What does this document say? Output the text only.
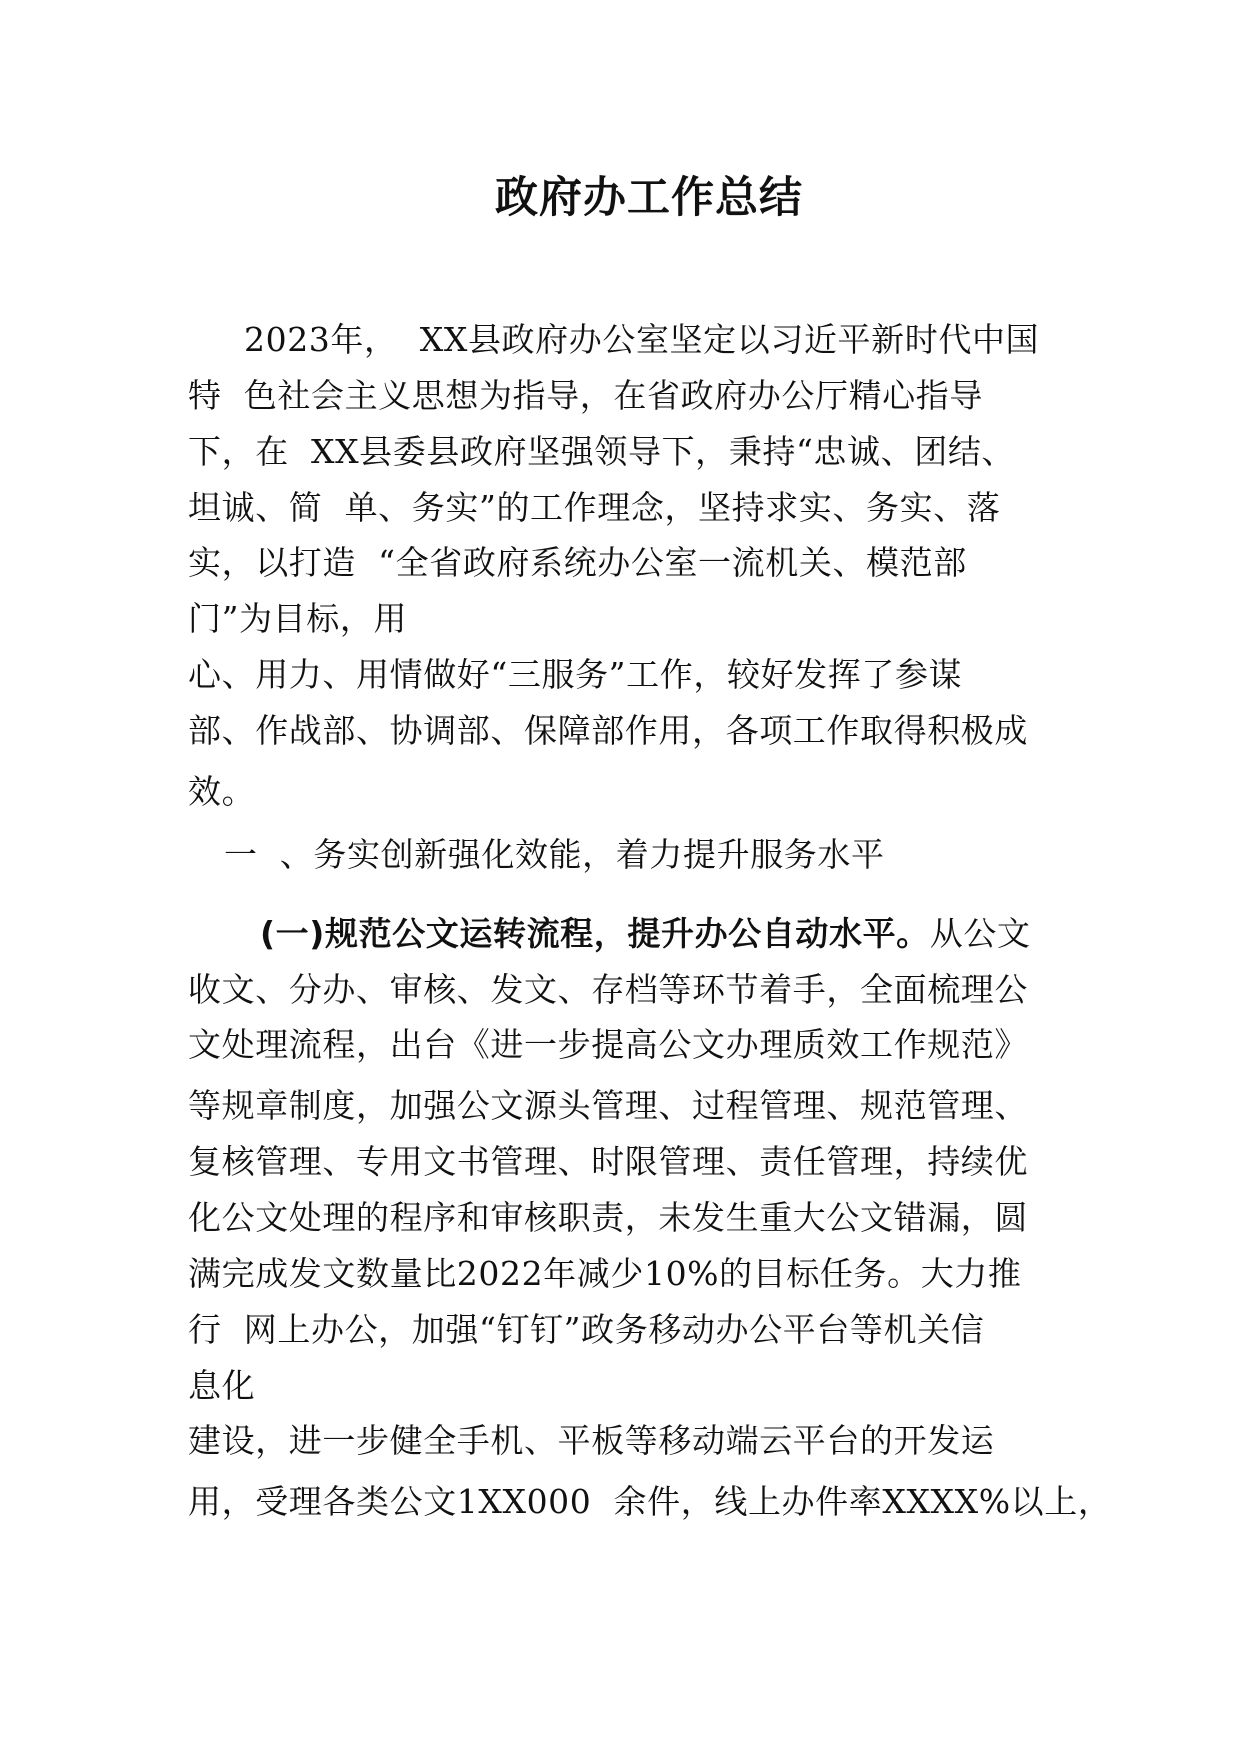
政府办工作总结
2023年，  XX县政府办公室坚定以习近平新时代中国
特  色社会主义思想为指导，在省政府办公厅精心指导
下，在  XX县委县政府坚强领导下，秉持“忠诚、团结、
坦诚、简  单、务实”的工作理念，坚持求实、务实、落
实，以打造  “全省政府系统办公室一流机关、模范部
门”为目标，用
心、用力、用情做好“三服务”工作，较好发挥了参谋
部、作战部、协调部、保障部作用，各项工作取得积极成
效。
一  、务实创新强化效能，着力提升服务水平
(一)规范公文运转流程，提升办公自动水平。从公文
收文、分办、审核、发文、存档等环节着手，全面梳理公
文处理流程，出台《进一步提高公文办理质效工作规范》
等规章制度，加强公文源头管理、过程管理、规范管理、
复核管理、专用文书管理、时限管理、责任管理，持续优
化公文处理的程序和审核职责，未发生重大公文错漏，圆
满完成发文数量比2022年减少10%的目标任务。大力推
行  网上办公，加强“钉钉”政务移动办公平台等机关信
息化
建设，进一步健全手机、平板等移动端云平台的开发运
用，受理各类公文1XX000  余件，线上办件率XXXX%以上，
